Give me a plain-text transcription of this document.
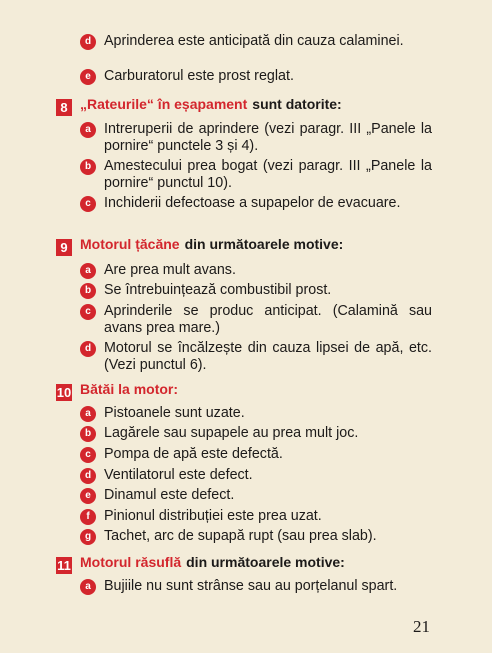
d Aprinderea este anticipată din cauza calaminei.
e Carburatorul este prost reglat.
8 „Rateurile“ în eșapament sunt datorite:
a Intreruperii de aprindere (vezi paragr. III „Panele la pornire“ punctele 3 și 4).
b Amestecului prea bogat (vezi paragr. III „Panele la pornire“ punctul 10).
c Inchiderii defectoase a supapelor de evacuare.
9 Motorul țăcăne din următoarele motive:
a Are prea mult avans.
b Se întrebuințează combustibil prost.
c Aprinderile se produc anticipat. (Calamină sau avans prea mare.)
d Motorul se încălzește din cauza lipsei de apă, etc. (Vezi punctul 6).
10 Bătăi la motor:
a Pistoanele sunt uzate.
b Lagărele sau supapele au prea mult joc.
c Pompa de apă este defectă.
d Ventilatorul este defect.
e Dinamul este defect.
f	Pinionul distribuției este prea uzat.
g Tachet, arc de supapă rupt (sau prea slab).
11 Motorul răsuflă din următoarele motive:
a Bujiile nu sunt strânse sau au porțelanul spart.
21
